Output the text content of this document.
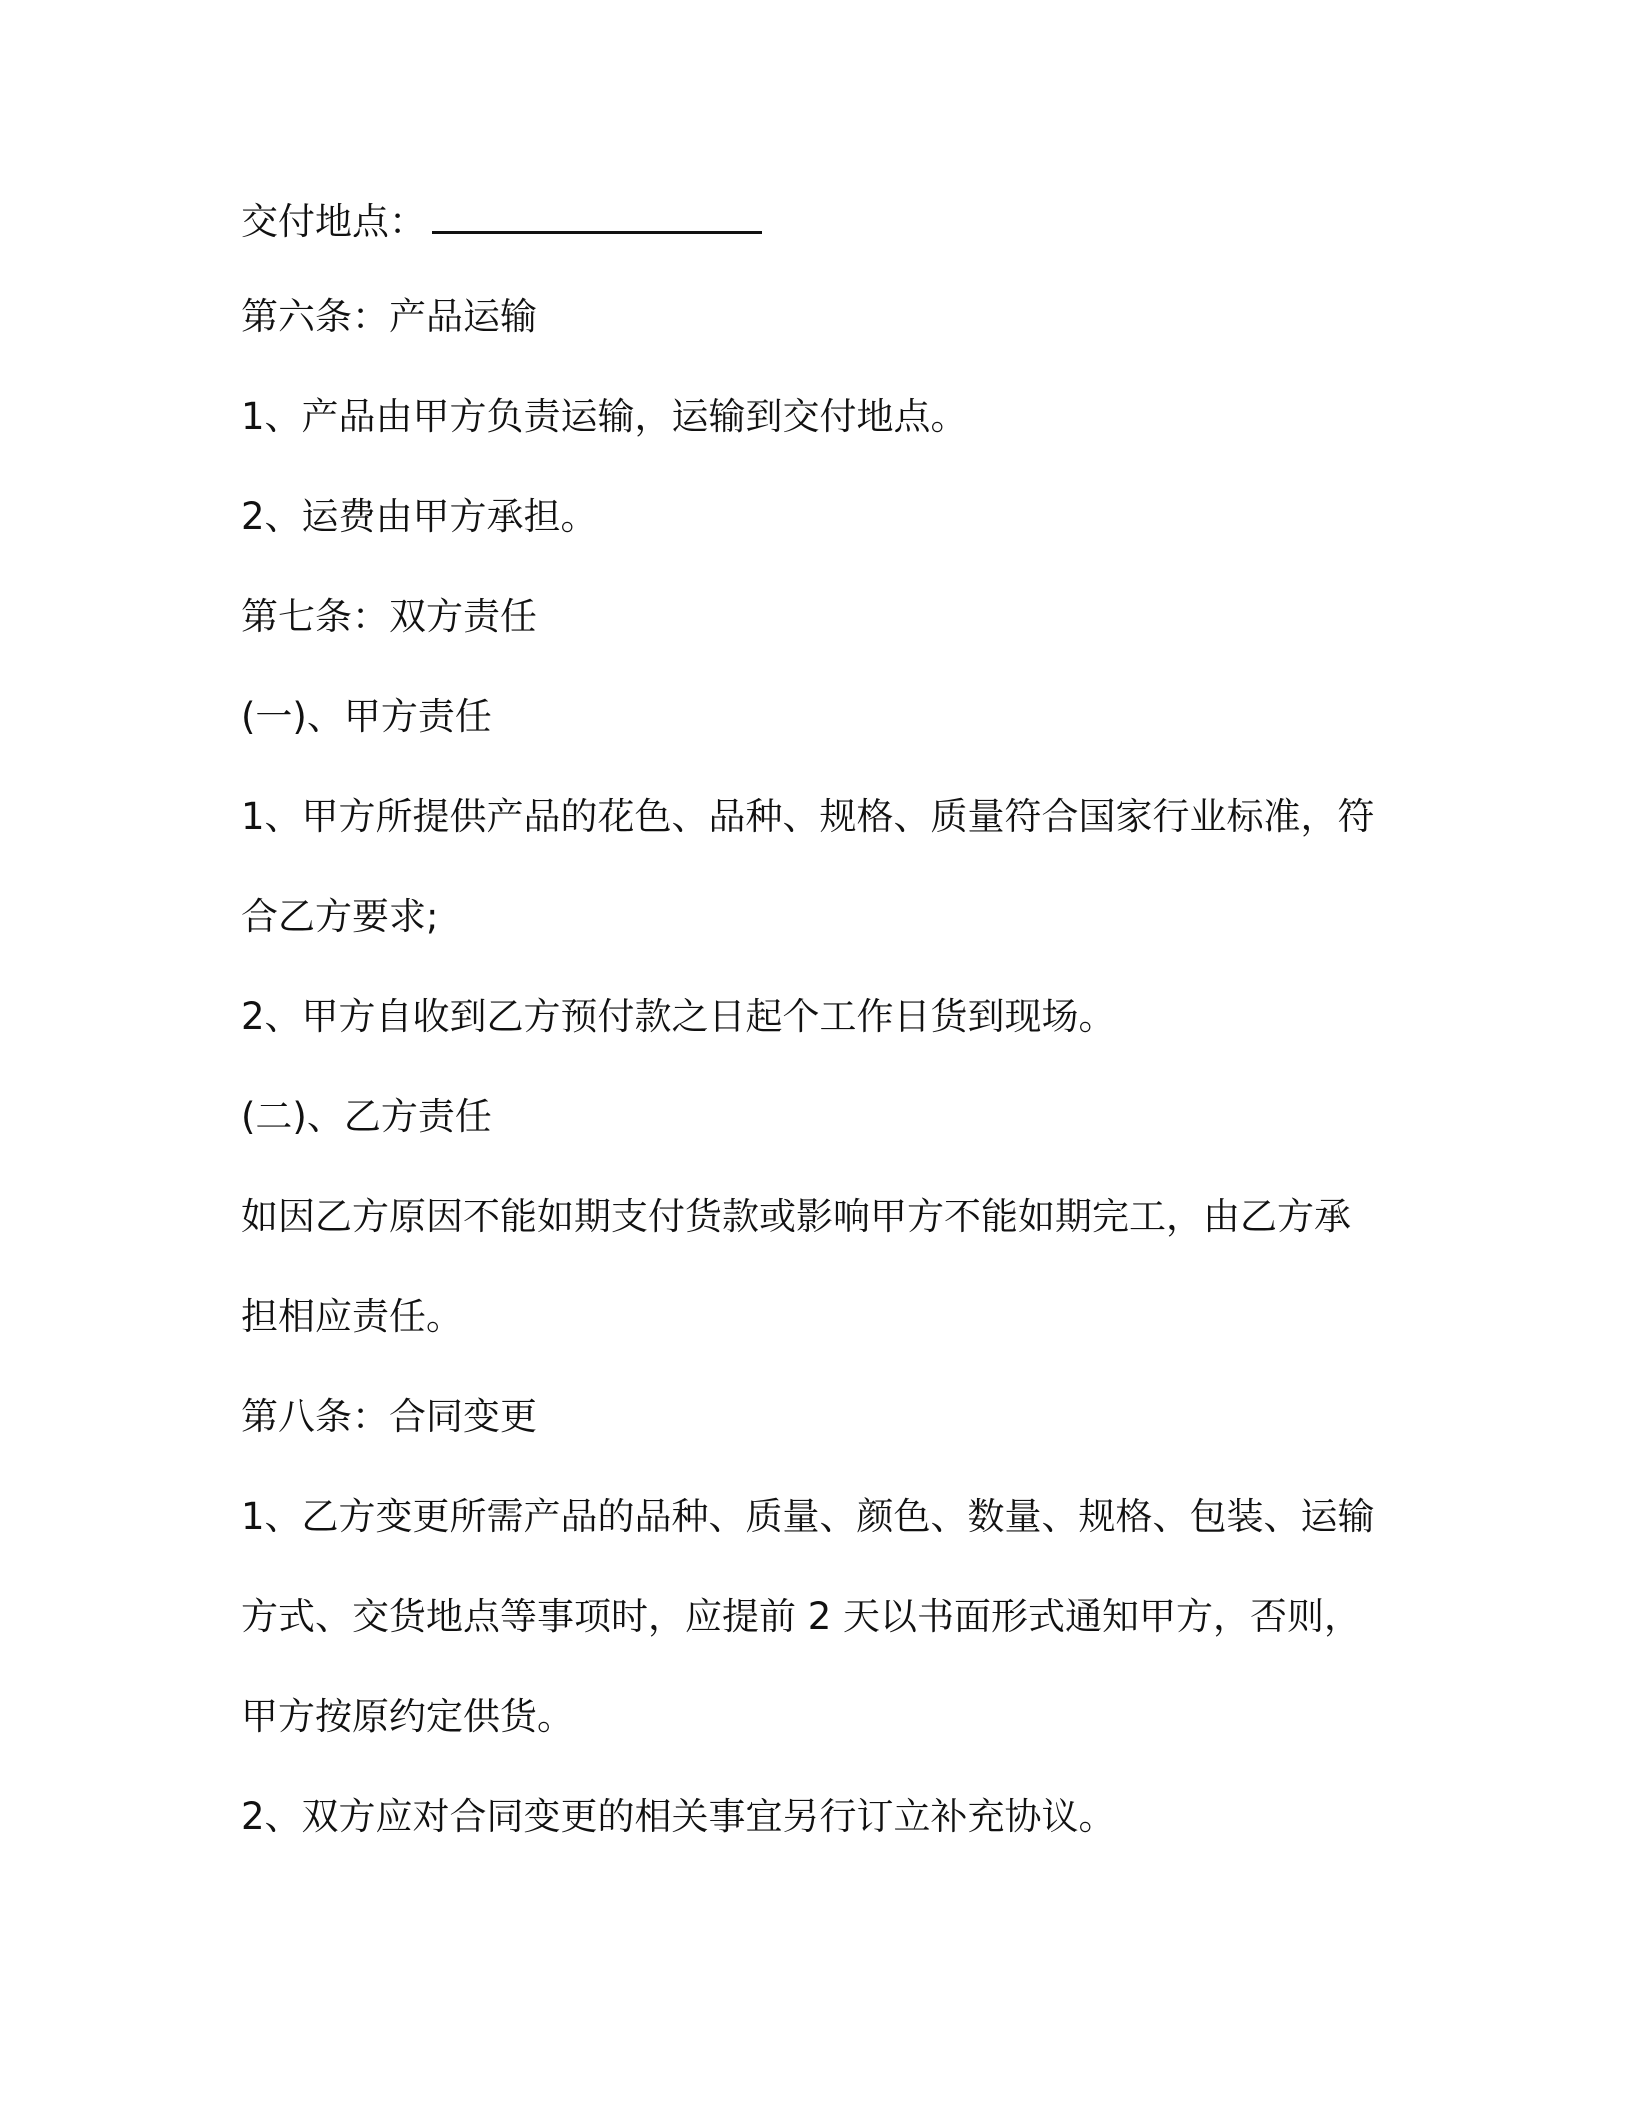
交付地点：
第六条：产品运输
1、产品由甲方负责运输，运输到交付地点。
2、运费由甲方承担。
第七条：双方责任
(一)、甲方责任
1、甲方所提供产品的花色、品种、规格、质量符合国家行业标准，符
合乙方要求;
2、甲方自收到乙方预付款之日起个工作日货到现场。
(二)、乙方责任
如因乙方原因不能如期支付货款或影响甲方不能如期完工，由乙方承
担相应责任。
第八条：合同变更
1、乙方变更所需产品的品种、质量、颜色、数量、规格、包装、运输
方式、交货地点等事项时，应提前 2 天以书面形式通知甲方，否则，
甲方按原约定供货。
2、双方应对合同变更的相关事宜另行订立补充协议。
